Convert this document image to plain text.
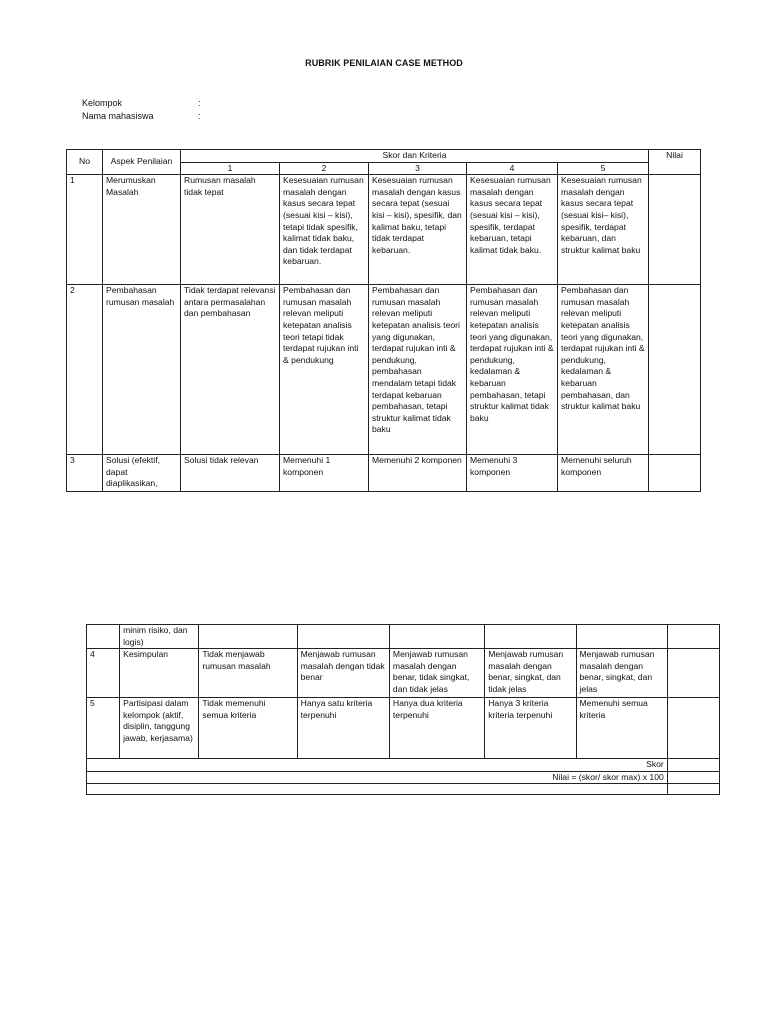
RUBRIK PENILAIAN CASE METHOD
Kelompok	:
Nama mahasiswa	:
No	Aspek Penilaian	Skor dan Kriteria					Nilai
		1	2	3	4	5	
1	Merumuskan Masalah	Rumusan masalah tidak tepat	Kesesuaian rumusan masalah dengan kasus secara tepat (sesuai kisi – kisi), tetapi tidak spesifik, kalimat tidak baku, dan tidak terdapat kebaruan.	Kesesuaian rumusan masalah dengan kasus secara tepat (sesuai kisi – kisi), spesifik, dan kalimat baku, tetapi tidak terdapat kebaruan.	Kesesuaian rumusan masalah dengan kasus secara tepat (sesuai kisi – kisi), spesifik, terdapat kebaruan, tetapi kalimat tidak baku.	Kesesuaian rumusan masalah dengan kasus secara tepat (sesuai kisi– kisi), spesifik, terdapat kebaruan, dan struktur kalimat baku	
2	Pembahasan rumusan masalah	Tidak terdapat relevansi antara permasalahan dan pembahasan	Pembahasan dan rumusan masalah relevan meliputi ketepatan analisis teori tetapi tidak terdapat rujukan inti & pendukung	Pembahasan dan rumusan masalah relevan meliputi ketepatan analisis teori yang digunakan, terdapat rujukan inti & pendukung, pembahasan mendalam tetapi tidak terdapat kebaruan pembahasan, tetapi struktur kalimat tidak baku	Pembahasan dan rumusan masalah relevan meliputi ketepatan analisis teori yang digunakan, terdapat rujukan inti & pendukung, kedalaman & kebaruan pembahasan, tetapi struktur kalimat tidak baku	Pembahasan dan rumusan masalah relevan meliputi ketepatan analisis teori yang digunakan, terdapat rujukan inti & pendukung, kedalaman & kebaruan pembahasan, dan struktur kalimat baku	
3	Solusi (efektif, dapat diaplikasikan,	Solusi tidak relevan	Memenuhi 1 komponen	Memenuhi 2 komponen	Memenuhi 3 komponen	Memenuhi seluruh komponen	
	minim risiko, dan logis)						
4	Kesimpulan	Tidak menjawab rumusan masalah	Menjawab rumusan masalah dengan tidak benar	Menjawab rumusan masalah dengan benar, tidak singkat, dan tidak jelas	Menjawab rumusan masalah dengan benar, singkat, dan tidak jelas	Menjawab rumusan masalah dengan benar, singkat, dan jelas	
5	Partisipasi dalam kelompok (aktif, disiplin, tanggung jawab, kerjasama)	Tidak memenuhi semua kriteria	Hanya satu kriteria terpenuhi	Hanya dua kriteria terpenuhi	Hanya 3 kriteria kriteria terpenuhi	Memenuhi semua kriteria	
Skor							
Nilai = (skor/ skor max) x 100							
